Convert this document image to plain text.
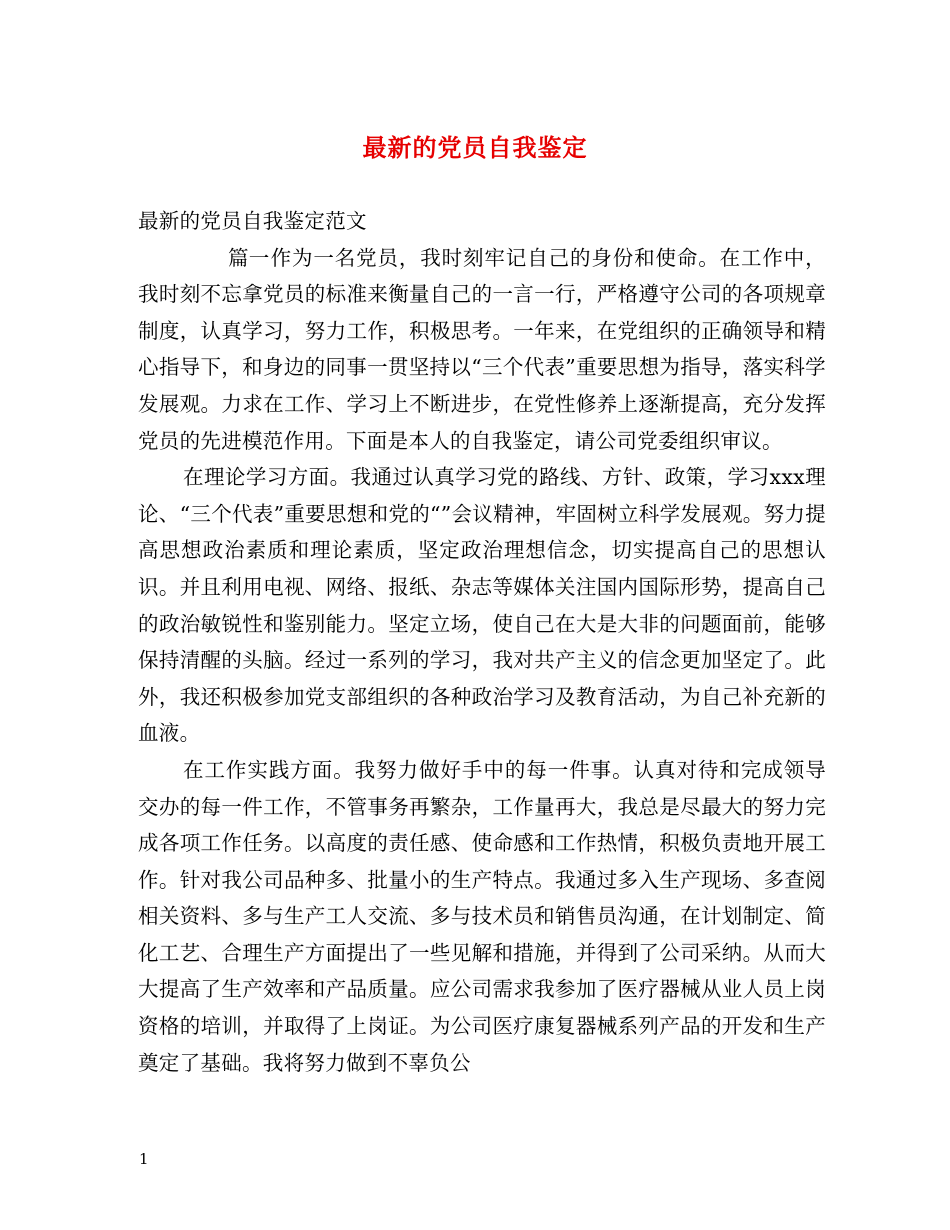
最新的党员自我鉴定

最新的党员自我鉴定范文

篇一作为一名党员，我时刻牢记自己的身份和使命。在工作中，我时刻不忘拿党员的标准来衡量自己的一言一行，严格遵守公司的各项规章制度，认真学习，努力工作，积极思考。一年来，在党组织的正确领导和精心指导下，和身边的同事一贯坚持以“三个代表”重要思想为指导，落实科学发展观。力求在工作、学习上不断进步，在党性修养上逐渐提高，充分发挥党员的先进模范作用。下面是本人的自我鉴定，请公司党委组织审议。

在理论学习方面。我通过认真学习党的路线、方针、政策，学习xxx理论、“三个代表”重要思想和党的“”会议精神，牢固树立科学发展观。努力提高思想政治素质和理论素质，坚定政治理想信念，切实提高自己的思想认识。并且利用电视、网络、报纸、杂志等媒体关注国内国际形势，提高自己的政治敏锐性和鉴别能力。坚定立场，使自己在大是大非的问题面前，能够保持清醒的头脑。经过一系列的学习，我对共产主义的信念更加坚定了。此外，我还积极参加党支部组织的各种政治学习及教育活动，为自己补充新的血液。

在工作实践方面。我努力做好手中的每一件事。认真对待和完成领导交办的每一件工作，不管事务再繁杂，工作量再大，我总是尽最大的努力完成各项工作任务。以高度的责任感、使命感和工作热情，积极负责地开展工作。针对我公司品种多、批量小的生产特点。我通过多入生产现场、多查阅相关资料、多与生产工人交流、多与技术员和销售员沟通，在计划制定、简化工艺、合理生产方面提出了一些见解和措施，并得到了公司采纳。从而大大提高了生产效率和产品质量。应公司需求我参加了医疗器械从业人员上岗资格的培训，并取得了上岗证。为公司医疗康复器械系列产品的开发和生产奠定了基础。我将努力做到不辜负公

1
